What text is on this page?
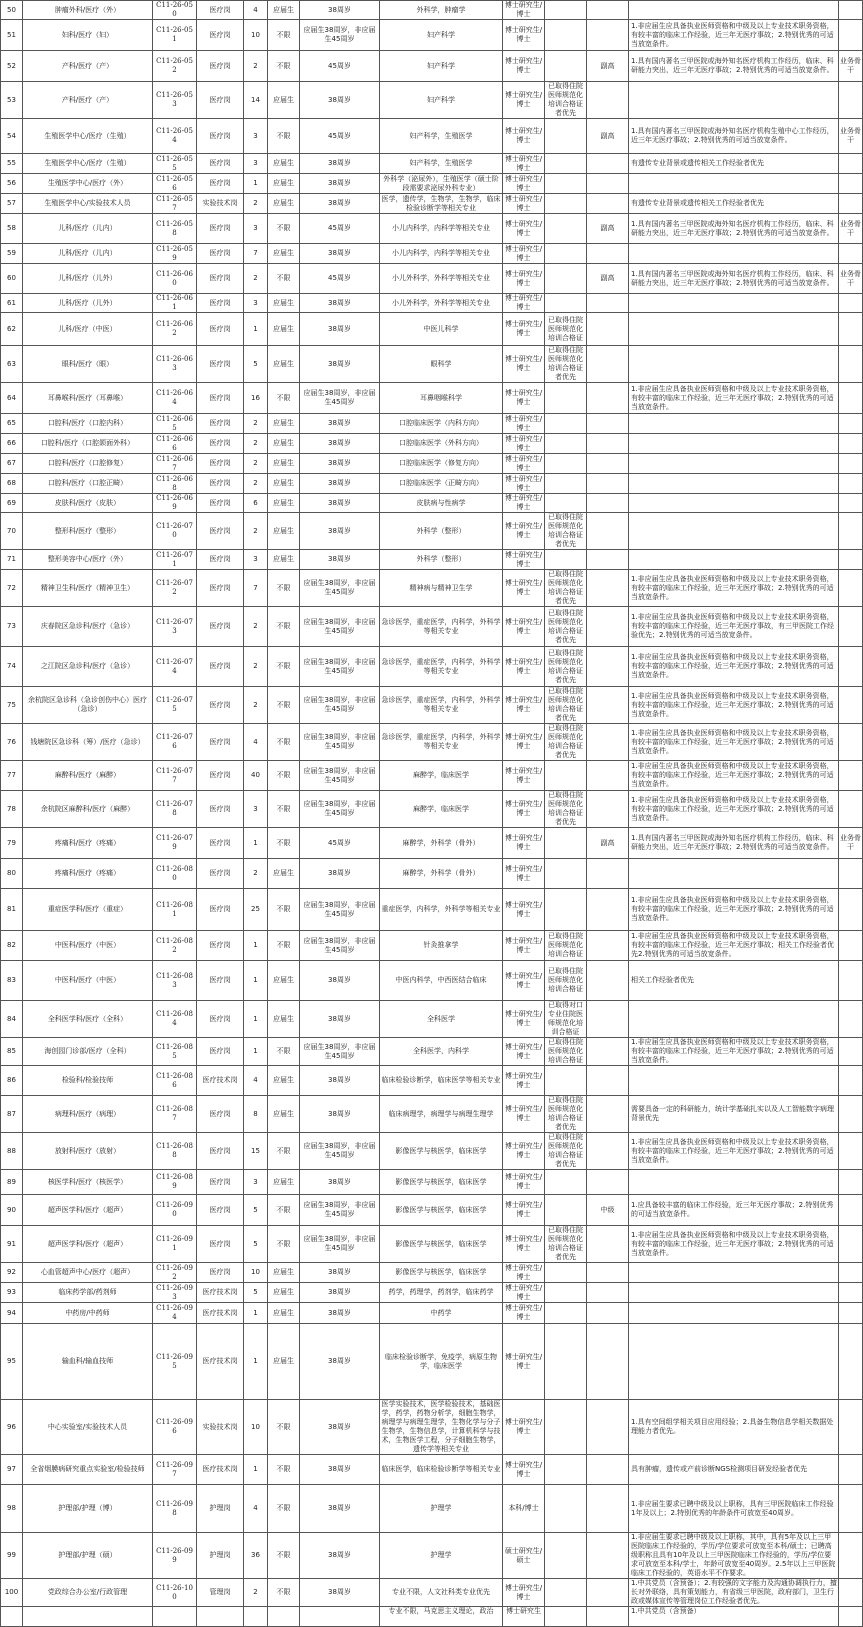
50	肿瘤外科/医疗（外）	C11-26-050	医疗岗	4	应届生	38周岁	外科学，肿瘤学	博士研究生/博士				
51	妇科/医疗（妇）	C11-26-051	医疗岗	10	不限	应届生38周岁，非应届生45周岁	妇产科学	博士研究生/博士			1.非应届生应具备执业医师资格和中级及以上专业技术职务资格，有较丰富的临床工作经验，近三年无医疗事故；2.特别优秀的可适当放宽条件。	
52	产科/医疗（产）	C11-26-052	医疗岗	2	不限	45周岁	妇产科学	博士研究生/博士		副高	1.具有国内著名三甲医院或海外知名医疗机构工作经历，临床、科研能力突出，近三年无医疗事故；2.特别优秀的可适当放宽条件。	业务骨干
53	产科/医疗（产）	C11-26-053	医疗岗	14	应届生	38周岁	妇产科学	博士研究生/博士	已取得住院医师规范化培训合格证者优先			
54	生殖医学中心/医疗（生殖）	C11-26-054	医疗岗	3	不限	45周岁	妇产科学，生殖医学	博士研究生/博士		副高	1.具有国内著名三甲医院或海外知名医疗机构生殖中心工作经历，近三年无医疗事故；2.特别优秀的可适当放宽条件。	业务骨干
55	生殖医学中心/医疗（生殖）	C11-26-055	医疗岗	3	应届生	38周岁	妇产科学，生殖医学	博士研究生/博士			有遗传专业背景或遗传相关工作经验者优先	
56	生殖医学中心/医疗（外）	C11-26-056	医疗岗	1	应届生	38周岁	外科学（泌尿外），生殖医学（硕士阶段需要求泌尿外科专业）	博士研究生/博士				
57	生殖医学中心/实验技术人员	C11-26-057	实验技术岗	2	应届生	38周岁	医学，遗传学，生物学，生物学，临床检验诊断学等相关专业	博士研究生/博士			有遗传专业背景或遗传相关工作经验者优先	
58	儿科/医疗（儿内）	C11-26-058	医疗岗	3	不限	45周岁	小儿内科学，内科学等相关专业	博士研究生/博士		副高	1.具有国内著名三甲医院或海外知名医疗机构工作经历，临床、科研能力突出，近三年无医疗事故；2.特别优秀的可适当放宽条件。	业务骨干
59	儿科/医疗（儿内）	C11-26-059	医疗岗	7	应届生	38周岁	小儿内科学，内科学等相关专业	博士研究生/博士				
60	儿科/医疗（儿外）	C11-26-060	医疗岗	2	不限	45周岁	小儿外科学，外科学等相关专业	博士研究生/博士		副高	1.具有国内著名三甲医院或海外知名医疗机构工作经历，临床、科研能力突出，近三年无医疗事故；2.特别优秀的可适当放宽条件。	业务骨干
61	儿科/医疗（儿外）	C11-26-061	医疗岗	3	应届生	38周岁	小儿外科学，外科学等相关专业	博士研究生/博士				
62	儿科/医疗（中医）	C11-26-062	医疗岗	1	应届生	38周岁	中医儿科学	博士研究生/博士	已取得住院医师规范化培训合格证			
63	眼科/医疗（眼）	C11-26-063	医疗岗	5	应届生	38周岁	眼科学	博士研究生/博士	已取得住院医师规范化培训合格证者优先			
64	耳鼻喉科/医疗（耳鼻喉）	C11-26-064	医疗岗	16	不限	应届生38周岁，非应届生45周岁	耳鼻咽喉科学	博士研究生/博士			1.非应届生应具备执业医师资格和中级及以上专业技术职务资格，有较丰富的临床工作经验，近三年无医疗事故；2.特别优秀的可适当放宽条件。	
65	口腔科/医疗（口腔内科）	C11-26-065	医疗岗	2	应届生	38周岁	口腔临床医学（内科方向）	博士研究生/博士				
66	口腔科/医疗（口腔颌面外科）	C11-26-066	医疗岗	2	应届生	38周岁	口腔临床医学（外科方向）	博士研究生/博士				
67	口腔科/医疗（口腔修复）	C11-26-067	医疗岗	2	应届生	38周岁	口腔临床医学（修复方向）	博士研究生/博士				
68	口腔科/医疗（口腔正畸）	C11-26-068	医疗岗	2	应届生	38周岁	口腔临床医学（正畸方向）	博士研究生/博士				
69	皮肤科/医疗（皮肤）	C11-26-069	医疗岗	6	应届生	38周岁	皮肤病与性病学	博士研究生/博士				
70	整形科/医疗（整形）	C11-26-070	医疗岗	2	应届生	38周岁	外科学（整形）	博士研究生/博士	已取得住院医师规范化培训合格证者优先			
71	整形美容中心/医疗（外）	C11-26-071	医疗岗	3	应届生	38周岁	外科学（整形）	博士研究生/博士				
72	精神卫生科/医疗（精神卫生）	C11-26-072	医疗岗	7	不限	应届生38周岁，非应届生45周岁	精神病与精神卫生学	博士研究生/博士	已取得住院医师规范化培训合格证者优先		1.非应届生应具备执业医师资格和中级及以上专业技术职务资格，有较丰富的临床工作经验，近三年无医疗事故；2.特别优秀的可适当放宽条件。	
73	庆春院区急诊科/医疗（急诊）	C11-26-073	医疗岗	2	不限	应届生38周岁，非应届生45周岁	急诊医学，重症医学，内科学，外科学等相关专业	博士研究生/博士	已取得住院医师规范化培训合格证者优先		1.非应届生应具备执业医师资格和中级及以上专业技术职务资格，有较丰富的临床工作经验，近三年无医疗事故，有三甲医院工作经验优先；2.特别优秀的可适当放宽条件。	
74	之江院区急诊科/医疗（急诊）	C11-26-074	医疗岗	2	不限	应届生38周岁，非应届生45周岁	急诊医学，重症医学，内科学，外科学等相关专业	博士研究生/博士	已取得住院医师规范化培训合格证者优先		1.非应届生应具备执业医师资格和中级及以上专业技术职务资格，有较丰富的临床工作经验，近三年无医疗事故；2.特别优秀的可适当放宽条件。	
75	余杭院区急诊科（急诊创伤中心）医疗（急诊）	C11-26-075	医疗岗	2	不限	应届生38周岁，非应届生45周岁	急诊医学，重症医学，内科学，外科学等相关专业	博士研究生/博士	已取得住院医师规范化培训合格证者优先		1.非应届生应具备执业医师资格和中级及以上专业技术职务资格，有较丰富的临床工作经验，近三年无医疗事故；2.特别优秀的可适当放宽条件。	
76	钱塘院区急诊科（筹）/医疗（急诊）	C11-26-076	医疗岗	4	不限	应届生38周岁，非应届生45周岁	急诊医学，重症医学，内科学，外科学等相关专业	博士研究生/博士	已取得住院医师规范化培训合格证者优先		1.非应届生应具备执业医师资格和中级及以上专业技术职务资格，有较丰富的临床工作经验，近三年无医疗事故；2.特别优秀的可适当放宽条件。	
77	麻醉科/医疗（麻醉）	C11-26-077	医疗岗	40	不限	应届生38周岁，非应届生45周岁	麻醉学，临床医学	博士研究生/博士			1.非应届生应具备执业医师资格和中级及以上专业技术职务资格，有较丰富的临床工作经验，近三年无医疗事故；2.特别优秀的可适当放宽条件。	
78	余杭院区麻醉科/医疗（麻醉）	C11-26-078	医疗岗	3	不限	应届生38周岁，非应届生45周岁	麻醉学，临床医学	博士研究生/博士	已取得住院医师规范化培训合格证者优先		1.非应届生应具备执业医师资格和中级及以上专业技术职务资格，有较丰富的临床工作经验，近三年无医疗事故；2.特别优秀的可适当放宽条件。	
79	疼痛科/医疗（疼痛）	C11-26-079	医疗岗	1	不限	45周岁	麻醉学，外科学（骨外）	博士研究生/博士		副高	1.具有国内著名三甲医院或海外知名医疗机构工作经历，临床、科研能力突出，近三年无医疗事故；2.特别优秀的可适当放宽条件。	业务骨干
80	疼痛科/医疗（疼痛）	C11-26-080	医疗岗	2	应届生	38周岁	麻醉学，外科学（骨外）	博士研究生/博士				
81	重症医学科/医疗（重症）	C11-26-081	医疗岗	25	不限	应届生38周岁，非应届生45周岁	重症医学，内科学，外科学等相关专业	博士研究生/博士			1.非应届生应具备执业医师资格和中级及以上专业技术职务资格，有较丰富的临床工作经验，近三年无医疗事故；2.特别优秀的可适当放宽条件。	
82	中医科/医疗（中医）	C11-26-082	医疗岗	1	不限	应届生38周岁，非应届生45周岁	针灸推拿学	博士研究生/博士	已取得住院医师规范化培训合格证		1.非应届生应具备执业医师资格和中级及以上专业技术职务资格，有较丰富的临床工作经验，近三年无医疗事故；相关工作经验者优先2.特别优秀的可适当放宽条件。	
83	中医科/医疗（中医）	C11-26-083	医疗岗	1	应届生	38周岁	中医内科学，中西医结合临床	博士研究生/博士	已取得住院医师规范化培训合格证		相关工作经验者优先	
84	全科医学科/医疗（全科）	C11-26-084	医疗岗	1	应届生	38周岁	全科医学	博士研究生/博士	已取得对口专业住院医师规范化培训合格证			
85	海创园门诊部/医疗（全科）	C11-26-085	医疗岗	1	不限	应届生38周岁，非应届生45周岁	全科医学，内科学	博士研究生/博士	已取得住院医师规范化培训合格证		1.非应届生应具备执业医师资格和中级及以上专业技术职务资格，有较丰富的临床工作经验，近三年无医疗事故；2.特别优秀的可适当放宽条件。	
86	检验科/检验技师	C11-26-086	医疗技术岗	4	应届生	38周岁	临床检验诊断学，临床医学等相关专业	博士研究生/博士				
87	病理科/医疗（病理）	C11-26-087	医疗岗	8	应届生	38周岁	临床病理学，病理学与病理生理学	博士研究生/博士	已取得住院医师规范化培训合格证者优先		需要具备一定的科研能力，统计学基础扎实以及人工智能数字病理背景优先	
88	放射科/医疗（放射）	C11-26-088	医疗岗	15	不限	应届生38周岁，非应届生45周岁	影像医学与核医学，临床医学	博士研究生/博士	已取得住院医师规范化培训合格证者优先		1.非应届生应具备执业医师资格和中级及以上专业技术职务资格，有较丰富的临床工作经验，近三年无医疗事故；2.特别优秀的可适当放宽条件。	
89	核医学科/医疗（核医学）	C11-26-089	医疗岗	3	应届生	38周岁	影像医学与核医学，临床医学	博士研究生/博士				
90	超声医学科/医疗（超声）	C11-26-090	医疗岗	5	不限	应届生38周岁，非应届生45周岁	影像医学与核医学，临床医学	博士研究生/博士		中级	1.应具备较丰富的临床工作经验，近三年无医疗事故；2.特别优秀的可适当放宽条件。	
91	超声医学科/医疗（超声）	C11-26-091	医疗岗	5	不限	应届生38周岁，非应届生45周岁	影像医学与核医学，临床医学	博士研究生/博士	已取得住院医师规范化培训合格证者优先		1.非应届生应具备执业医师资格和中级及以上专业技术职务资格，有较丰富的临床工作经验，近三年无医疗事故；2.特别优秀的可适当放宽条件。	
92	心血管超声中心/医疗（超声）	C11-26-092	医疗岗	10	应届生	38周岁	影像医学与核医学，临床医学	博士研究生/博士				
93	临床药学部/药剂师	C11-26-093	医疗技术岗	5	应届生	38周岁	药学，药理学，药剂学，临床药学	博士研究生/博士				
94	中药房/中药师	C11-26-094	医疗技术岗	1	应届生	38周岁	中药学	博士研究生/博士				
95	输血科/输血技师	C11-26-095	医疗技术岗	1	应届生	38周岁	临床检验诊断学，免疫学，病原生物学，临床医学	博士研究生/博士				
96	中心实验室/实验技术人员	C11-26-096	实验技术岗	10	不限	38周岁	医学实验技术，医学检验技术，基础医学，药学，药物分析学，细胞生物学，病理学与病理生理学，生物化学与分子生物学，生物信息学，计算机科学与技术，生物医学工程，分子细胞生物学，遗传学等相关专业	博士研究生/博士			1.具有空间组学相关项目应用经验；2.具备生物信息学相关数据处理能力者优先。	
97	全省烟膜病研究重点实验室/检验技师	C11-26-097	医疗技术岗	1	不限	38周岁	临床医学，临床检验诊断学等相关专业	博士研究生/博士			具有肿瘤，遗传或产前诊断NGS检测项目研发经验者优先	
98	护理部/护理（博）	C11-26-098	护理岗	4	不限	38周岁	护理学	本科/博士			1.非应届生要求已聘中级及以上职称，具有三甲医院临床工作经验1年及以上；2.特别优秀的年龄条件可放宽至40周岁。	
99	护理部/护理（硕）	C11-26-099	护理岗	36	不限	38周岁	护理学	硕士研究生/硕士			1.非应届生要求已聘中级及以上职称，其中，具有5年及以上三甲医院临床工作经验的，学历/学位要求可放宽至本科/硕士；已聘高级职称且具有10年及以上三甲医院临床工作经验的，学历/学位要求可放宽至本科/学士，年龄可放宽至40周岁。2.5年以上三甲医院临床工作经验的，英语水平不作要求。	
100	党政综合办公室/行政管理	C11-26-100	管理岗	2	不限	38周岁	专业不限，人文社科类专业优先	博士研究生/博士			1.中共党员（含预备）；2.有较强的文字能力及沟通协调执行力，擅长对外联络，具有策划能力，有省级三甲医院，政府部门，卫生行政或媒体宣传等管理岗位工作经验者优先。	
							专业不限，马克思主义理论，政治	博士研究生			1.中共党员（含预备）	
